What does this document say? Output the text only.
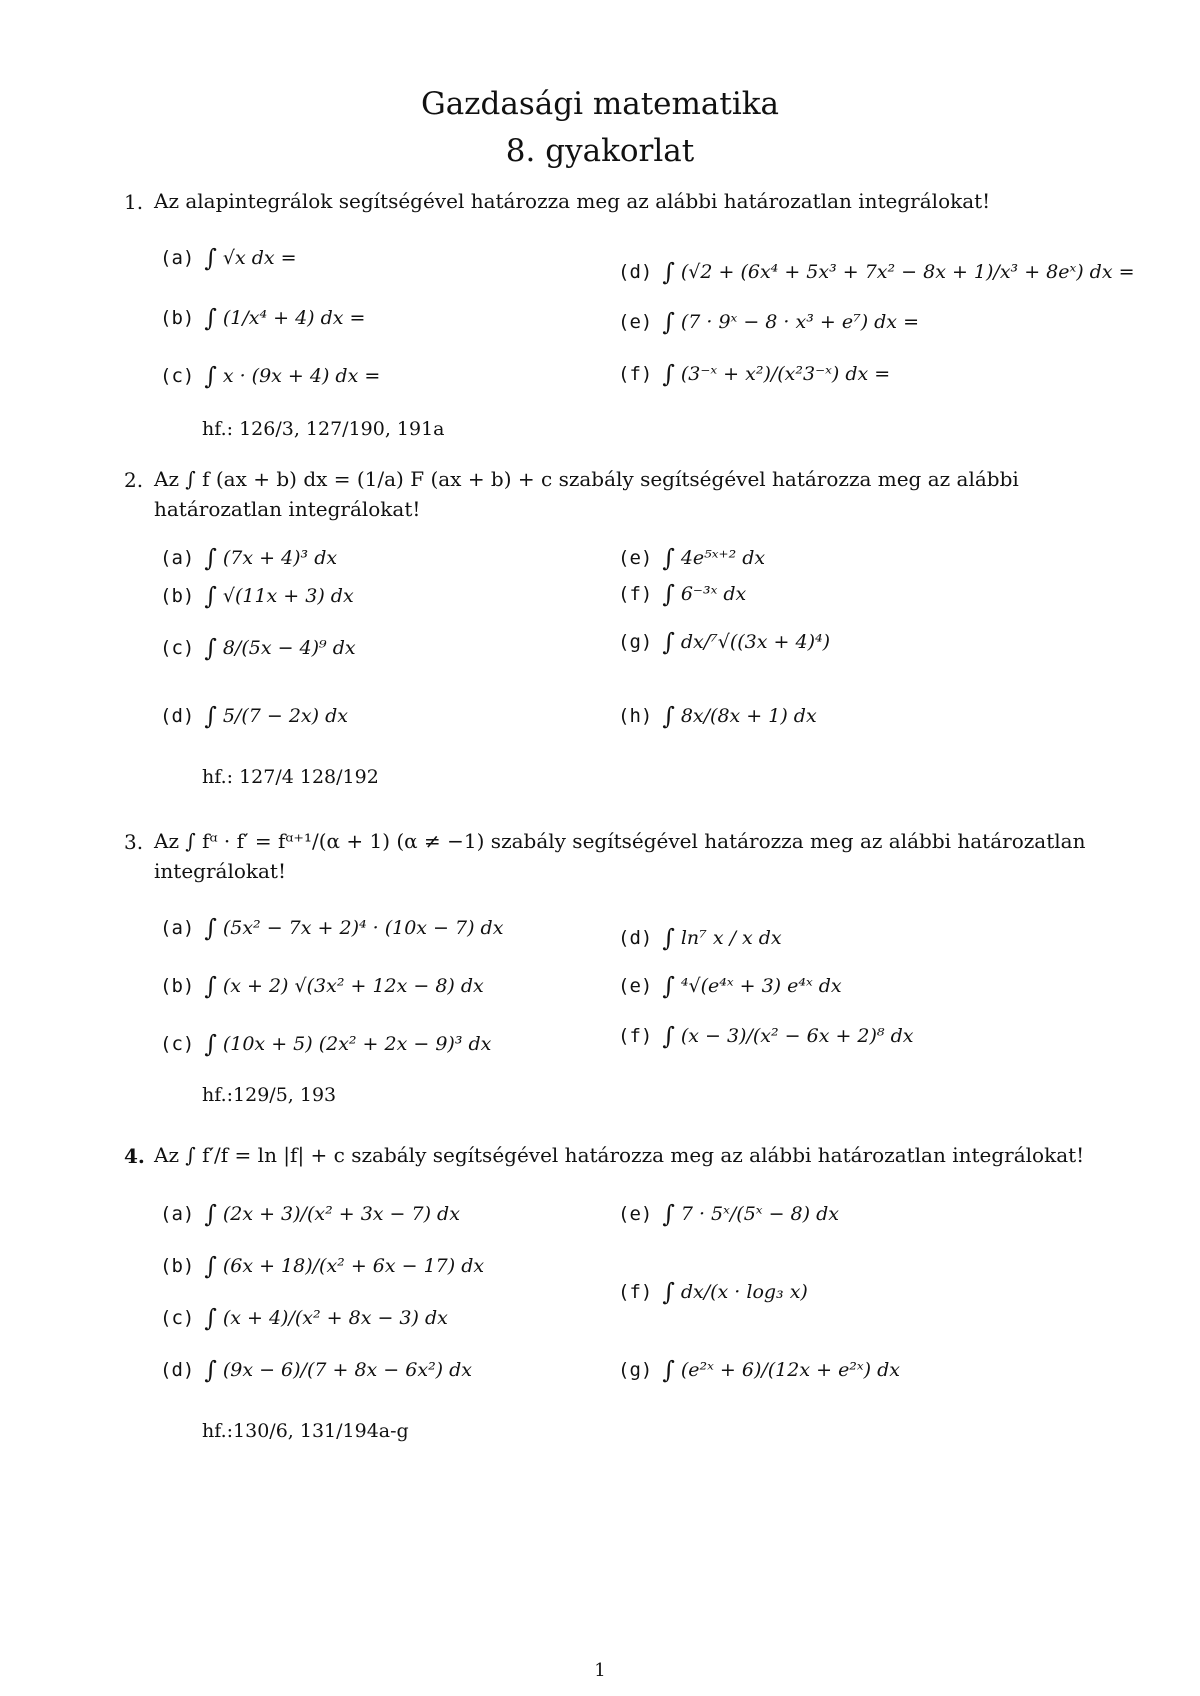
Gazdasági matematika
8. gyakorlat
1. Az alapintegrálok segítségével határozza meg az alábbi határozatlan integrálokat!
(a) ∫ √x dx =
(b) ∫ (1/x⁴ + 4) dx =
(c) ∫ x · (9x + 4) dx =
(d) ∫ (√2 + (6x⁴ + 5x³ + 7x² − 8x + 1)/x³ + 8eˣ) dx =
(e) ∫ (7 · 9ˣ − 8 · x³ + e⁷) dx =
(f) ∫ (3⁻ˣ + x²)/(x²3⁻ˣ) dx =
hf.: 126/3, 127/190, 191a
2. Az ∫ f (ax + b) dx = (1/a) F (ax + b) + c szabály segítségével határozza meg az alábbi határozatlan integrálokat!
(a) ∫ (7x + 4)³ dx
(b) ∫ √(11x + 3) dx
(c) ∫ 8/(5x − 4)⁹ dx
(d) ∫ 5/(7 − 2x) dx
(e) ∫ 4e⁵ˣ⁺² dx
(f) ∫ 6⁻³ˣ dx
(g) ∫ dx/⁷√((3x + 4)⁴)
(h) ∫ 8x/(8x + 1) dx
hf.: 127/4 128/192
3. Az ∫ fᵅ · f′ = fᵅ⁺¹/(α + 1) (α ≠ −1) szabály segítségével határozza meg az alábbi határozatlan integrálokat!
(a) ∫ (5x² − 7x + 2)⁴ · (10x − 7) dx
(b) ∫ (x + 2) √(3x² + 12x − 8) dx
(c) ∫ (10x + 5) (2x² + 2x − 9)³ dx
(d) ∫ ln⁷ x / x dx
(e) ∫ ⁴√(e⁴ˣ + 3) e⁴ˣ dx
(f) ∫ (x − 3)/(x² − 6x + 2)⁸ dx
hf.:129/5, 193
4. Az ∫ f′/f = ln |f| + c szabály segítségével határozza meg az alábbi határozatlan integrálokat!
(a) ∫ (2x + 3)/(x² + 3x − 7) dx
(b) ∫ (6x + 18)/(x² + 6x − 17) dx
(c) ∫ (x + 4)/(x² + 8x − 3) dx
(d) ∫ (9x − 6)/(7 + 8x − 6x²) dx
(e) ∫ 7 · 5ˣ/(5ˣ − 8) dx
(f) ∫ dx/(x · log₃ x)
(g) ∫ (e²ˣ + 6)/(12x + e²ˣ) dx
hf.:130/6, 131/194a-g
1
